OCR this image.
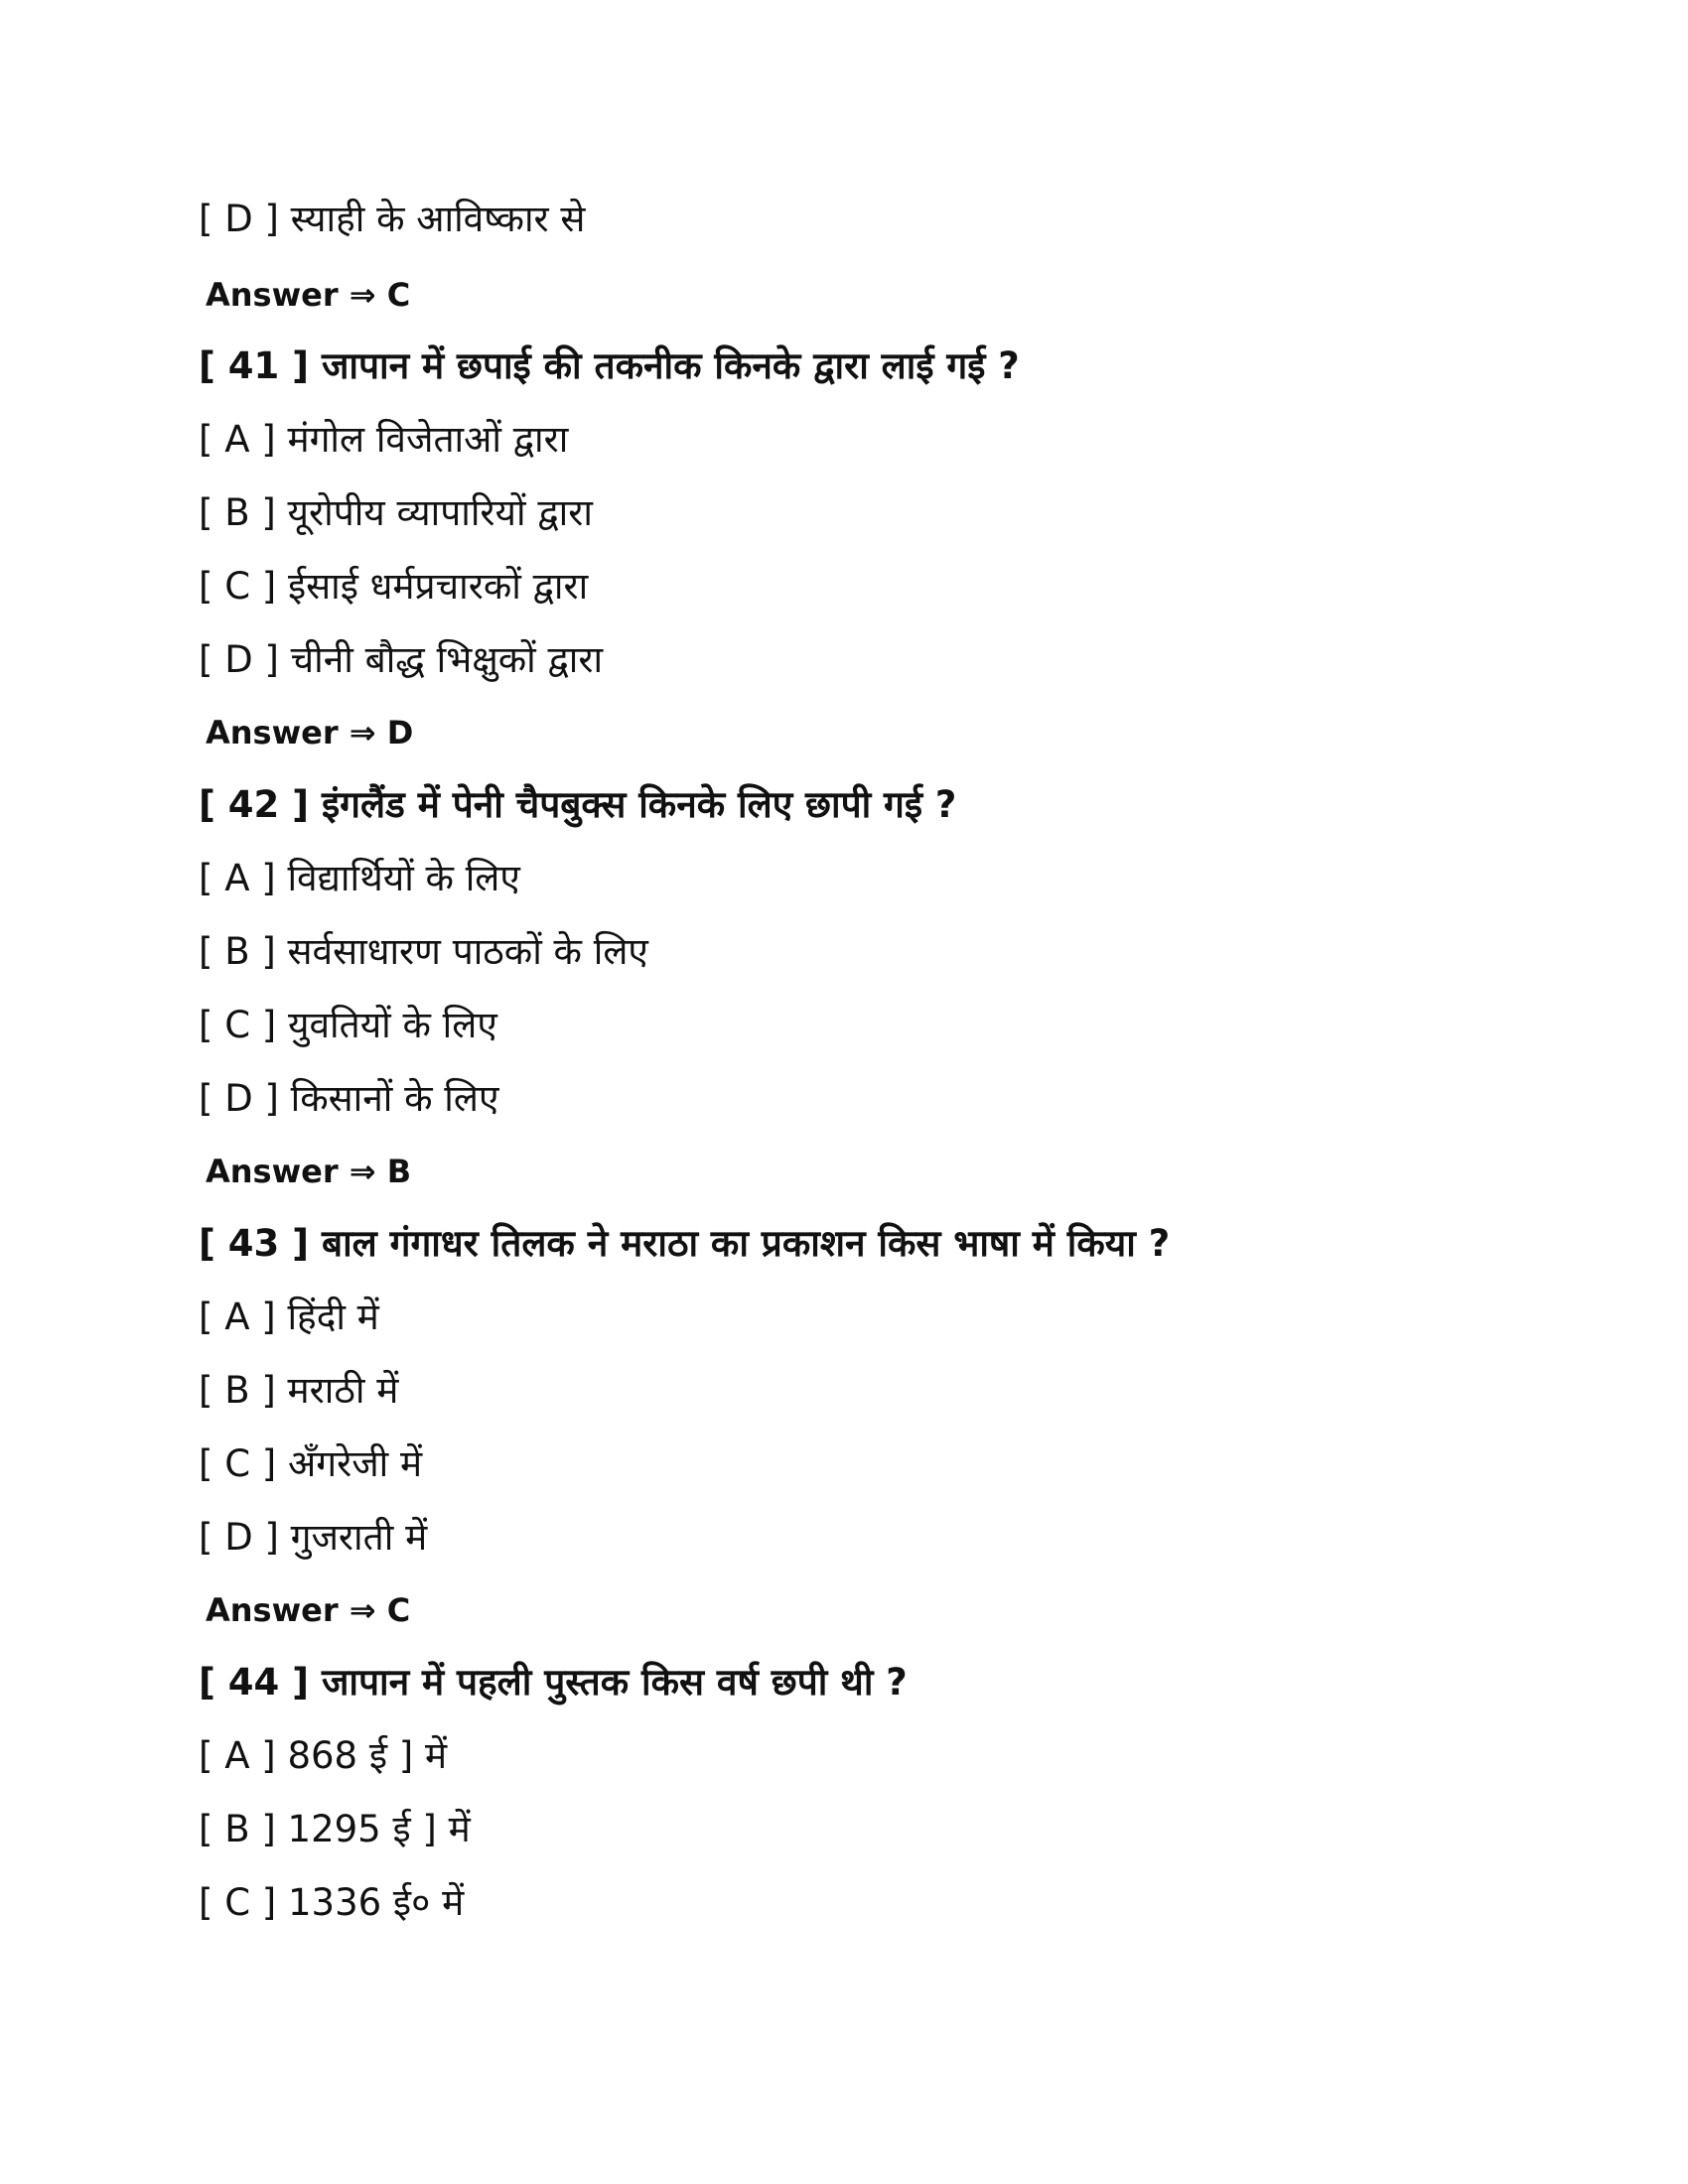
[ D ] स्याही के आविष्कार से
Answer ⇒ C
[ 41 ] जापान में छपाई की तकनीक किनके द्वारा लाई गई ?
[ A ] मंगोल विजेताओं द्वारा
[ B ] यूरोपीय व्यापारियों द्वारा
[ C ] ईसाई धर्मप्रचारकों द्वारा
[ D ] चीनी बौद्ध भिक्षुकों द्वारा
Answer ⇒ D
[ 42 ] इंगलैंड में पेनी चैपबुक्स किनके लिए छापी गई ?
[ A ] विद्यार्थियों के लिए
[ B ] सर्वसाधारण पाठकों के लिए
[ C ] युवतियों के लिए
[ D ] किसानों के लिए
Answer ⇒ B
[ 43 ] बाल गंगाधर तिलक ने मराठा का प्रकाशन किस भाषा में किया ?
[ A ] हिंदी में
[ B ] मराठी में
[ C ] अँगरेजी में
[ D ] गुजराती में
Answer ⇒ C
[ 44 ] जापान में पहली पुस्तक किस वर्ष छपी थी ?
[ A ] 868 ई ] में
[ B ] 1295 ई ] में
[ C ] 1336 ई० में
